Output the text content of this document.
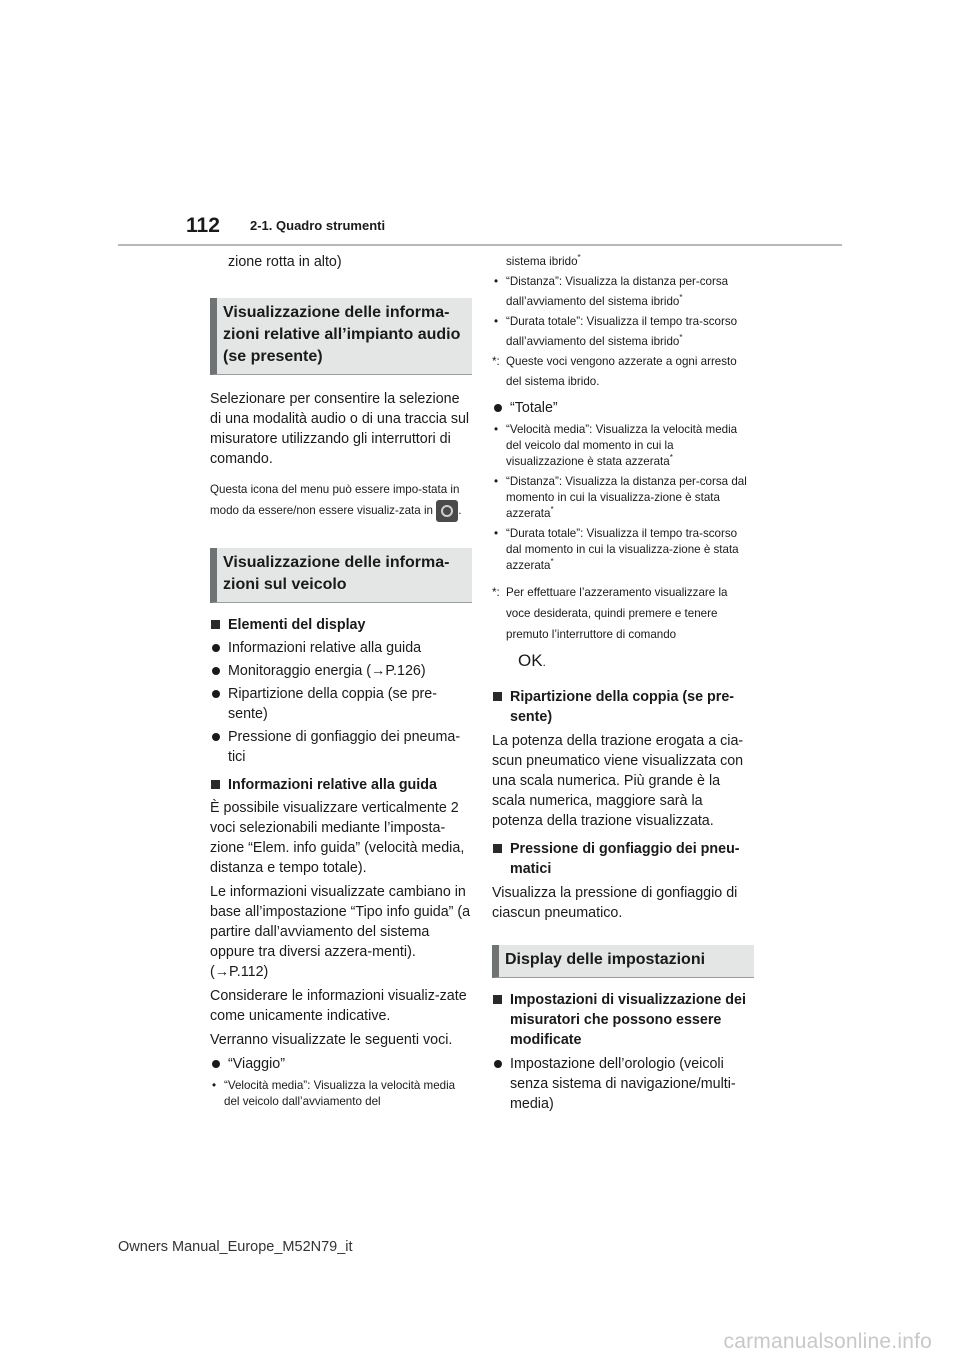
112 2-1. Quadro strumenti

zione rotta in alto)

Visualizzazione delle informa-zioni relative all’impianto audio (se presente)

Selezionare per consentire la selezione di una modalità audio o di una traccia sul misuratore utilizzando gli interruttori di comando.

Questa icona del menu può essere impo-stata in modo da essere/non essere visualiz-zata in .

Visualizzazione delle informa-zioni sul veicolo
Elementi del display
Informazioni relative alla guida
Monitoraggio energia (→P.126)
Ripartizione della coppia (se pre-sente)
Pressione di gonfiaggio dei pneuma-tici
Informazioni relative alla guida

È possibile visualizzare verticalmente 2 voci selezionabili mediante l’imposta-zione “Elem. info guida” (velocità media, distanza e tempo totale).

Le informazioni visualizzate cambiano in base all’impostazione “Tipo info guida” (a partire dall’avviamento del sistema oppure tra diversi azzera-menti). (→P.112)

Considerare le informazioni visualiz-zate come unicamente indicative.

Verranno visualizzate le seguenti voci.

“Viaggio”
• “Velocità media”: Visualizza la velocità media del veicolo dall’avviamento del
sistema ibrido*
• “Distanza”: Visualizza la distanza per-corsa dall’avviamento del sistema ibrido*
• “Durata totale”: Visualizza il tempo tra-scorso dall’avviamento del sistema ibrido*
*: Queste voci vengono azzerate a ogni arresto del sistema ibrido.
“Totale”
• “Velocità media”: Visualizza la velocità media del veicolo dal momento in cui la visualizzazione è stata azzerata*
• “Distanza”: Visualizza la distanza per-corsa dal momento in cui la visualizza-zione è stata azzerata*
• “Durata totale”: Visualizza il tempo tra-scorso dal momento in cui la visualizza-zione è stata azzerata*
*: Per effettuare l’azzeramento visualizzare la voce desiderata, quindi premere e tenere premuto l’interruttore di comando
OK.
Ripartizione della coppia (se pre-sente)

La potenza della trazione erogata a cia-scun pneumatico viene visualizzata con una scala numerica. Più grande è la scala numerica, maggiore sarà la potenza della trazione visualizzata.

Pressione di gonfiaggio dei pneu-matici

Visualizza la pressione di gonfiaggio di ciascun pneumatico.

Display delle impostazioni
Impostazioni di visualizzazione dei misuratori che possono essere modificate
Impostazione dell’orologio (veicoli senza sistema di navigazione/multi-media)
Owners Manual_Europe_M52N79_it
carmanualsonline.info
